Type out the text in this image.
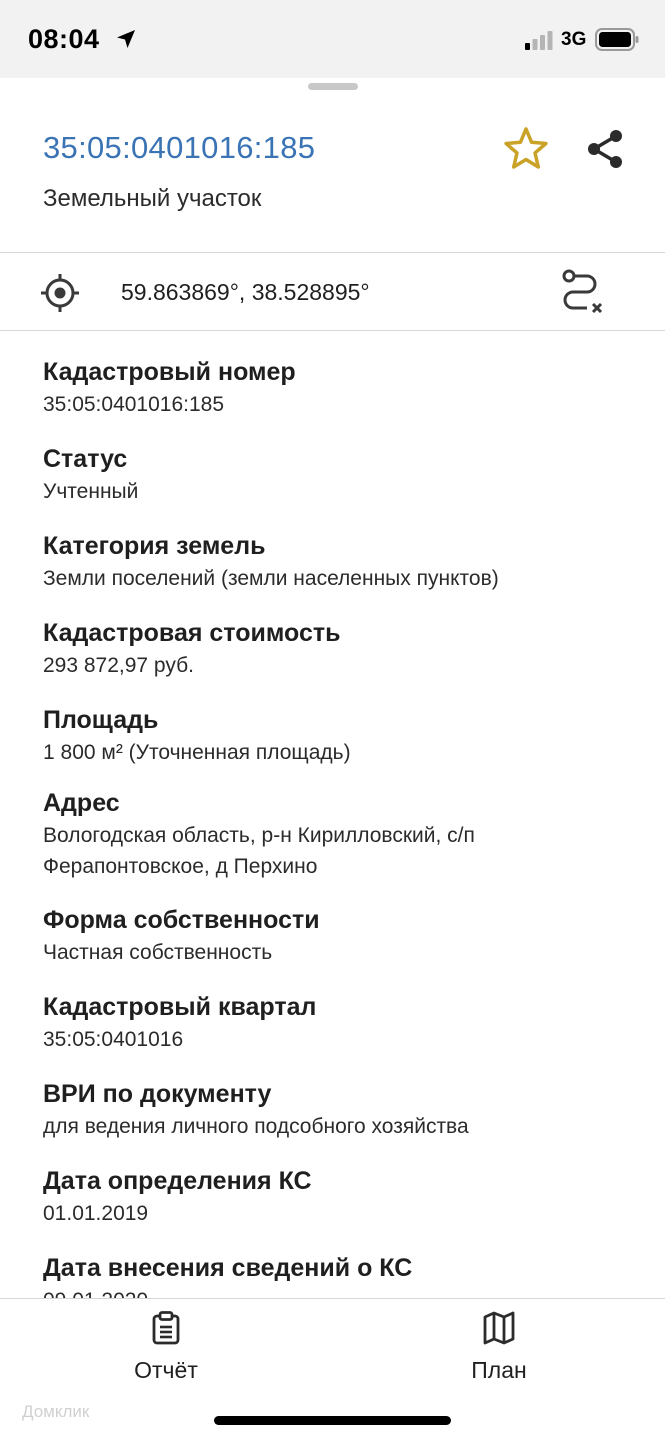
08:04	3G
35:05:0401016:185
Земельный участок
59.863869°, 38.528895°
Кадастровый номер
35:05:0401016:185
Статус
Учтенный
Категория земель
Земли поселений (земли населенных пунктов)
Кадастровая стоимость
293 872,97 руб.
Площадь
1 800 м² (Уточненная площадь)
Адрес
Вологодская область, р-н Кирилловский, с/п Ферапонтовское, д Перхино
Форма собственности
Частная собственность
Кадастровый квартал
35:05:0401016
ВРИ по документу
для ведения личного подсобного хозяйства
Дата определения КС
01.01.2019
Дата внесения сведений о КС
Отчёт	План
Домклик
